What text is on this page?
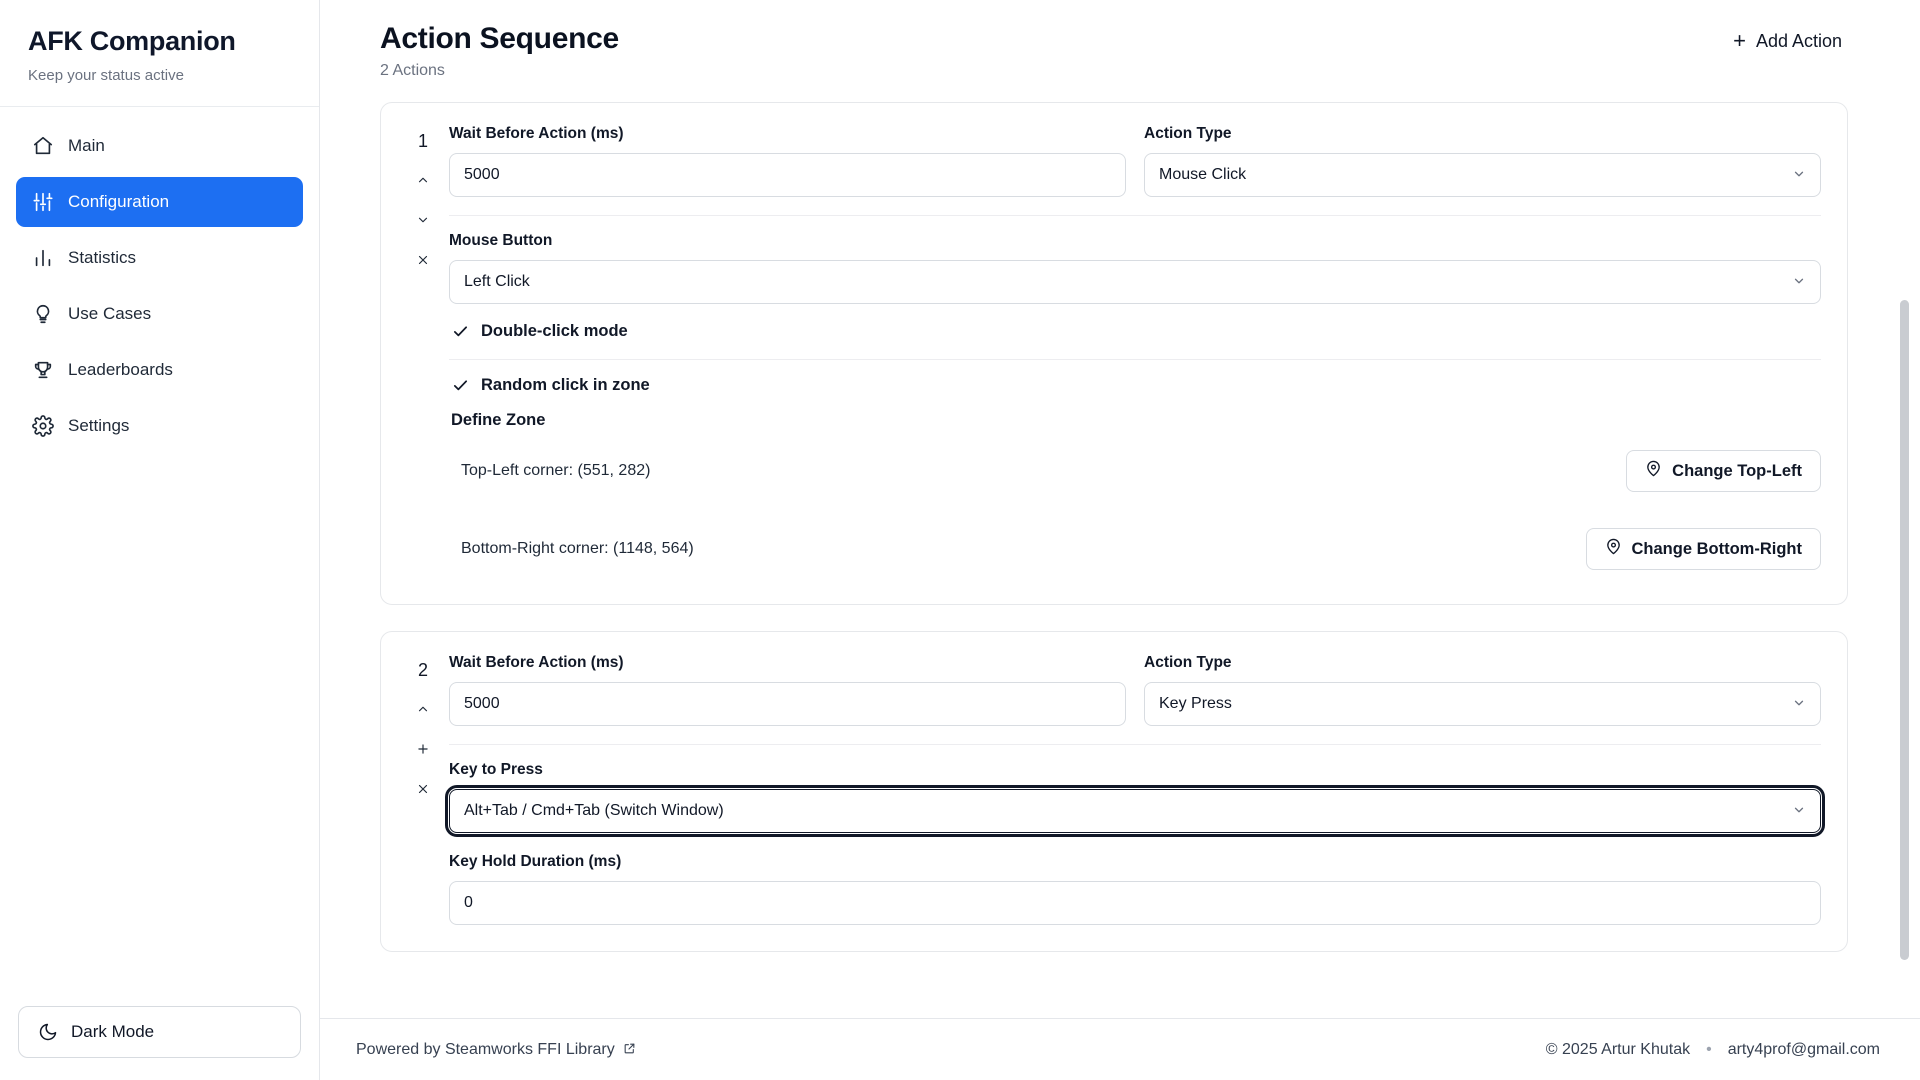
AFK Companion

Keep your status active

Main
Configuration
Statistics
Use Cases
Leaderboards
Settings
Dark Mode
Action Sequence
2 Actions
+ Add Action
1 Wait Before Action (ms)
5000
Action Type
Mouse Click
Mouse Button
Left Click
Double-click mode
Random click in zone
Define Zone
Top-Left corner: (551, 282)	Change Top-Left
Bottom-Right corner: (1148, 564)	Change Bottom-Right
2 Wait Before Action (ms)
5000
Action Type
Key Press
Key to Press
Alt+Tab / Cmd+Tab (Switch Window)
Key Hold Duration (ms)
0
Powered by Steamworks FFI Library	© 2025 Artur Khutak • arty4prof@gmail.com
